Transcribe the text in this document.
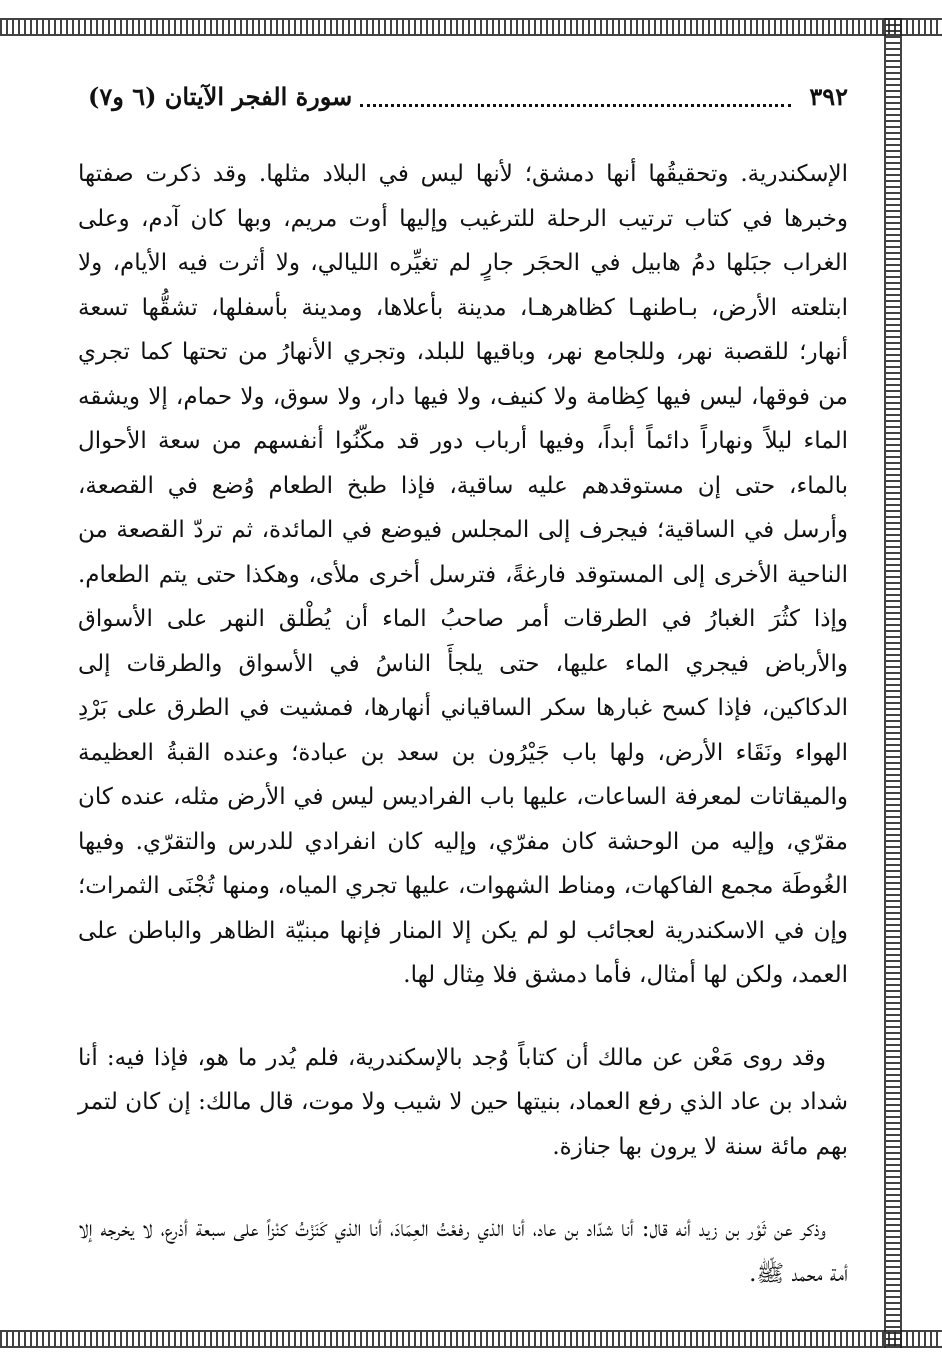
٣٩٢
سورة الفجر الآيتان (٦ و٧)

الإسكندرية. وتحقيقُها أنها دمشق؛ لأنها ليس في البلاد مثلها. وقد ذكرت صفتها وخبرها في كتاب ترتيب الرحلة للترغيب وإليها أوت مريم، وبها كان آدم، وعلى الغراب جبَلها دمُ هابيل في الحجَر جارٍ لم تغيِّره الليالي، ولا أثرت فيه الأيام، ولا ابتلعته الأرض، بـاطنهـا كظاهرهـا، مدينة بأعلاها، ومدينة بأسفلها، تشقُّها تسعة أنهار؛ للقصبة نهر، وللجامع نهر، وباقيها للبلد، وتجري الأنهارُ من تحتها كما تجري من فوقها، ليس فيها كِظامة ولا كنيف، ولا فيها دار، ولا سوق، ولا حمام، إلا ويشقه الماء ليلاً ونهاراً دائماً أبداً، وفيها أرباب دور قد مكّنُوا أنفسهم من سعة الأحوال بالماء، حتى إن مستوقدهم عليه ساقية، فإذا طبخ الطعام وُضع في القصعة، وأرسل في الساقية؛ فيجرف إلى المجلس فيوضع في المائدة، ثم تردّ القصعة من الناحية الأخرى إلى المستوقد فارغةً، فترسل أخرى ملأى، وهكذا حتى يتم الطعام. وإذا كثُرَ الغبارُ في الطرقات أمر صاحبُ الماء أن يُطْلق النهر على الأسواق والأرباض فيجري الماء عليها، حتى يلجأَ الناسُ في الأسواق والطرقات إلى الدكاكين، فإذا كسح غبارها سكر الساقياني أنهارها، فمشيت في الطرق على بَرْدِ الهواء ونَقَاء الأرض، ولها باب جَيْرُون بن سعد بن عبادة؛ وعنده القبةُ العظيمة والميقاتات لمعرفة الساعات، عليها باب الفراديس ليس في الأرض مثله، عنده كان مقرّي، وإليه من الوحشة كان مفرّي، وإليه كان انفرادي للدرس والتقرّي. وفيها الغُوطَة مجمع الفاكهات، ومناط الشهوات، عليها تجري المياه، ومنها تُجْنَى الثمرات؛ وإن في الاسكندرية لعجائب لو لم يكن إلا المنار فإنها مبنيّة الظاهر والباطن على العمد، ولكن لها أمثال، فأما دمشق فلا مِثال لها.

وقد روى مَعْن عن مالك أن كتاباً وُجد بالإسكندرية، فلم يُدر ما هو، فإذا فيه: أنا شداد بن عاد الذي رفع العماد، بنيتها حين لا شيب ولا موت، قال مالك: إن كان لتمر بهم مائة سنة لا يرون بها جنازة.

وذكر عن ثَوْر بن زيد أنه قال: أنا شدّاد بن عاد، أنا الذي رفعْتُ العِمَادَ، أنا الذي كَنَزْتُ كنْزاً على سبعة أذرع، لا يخرجه إلا أمة محمد ﷺ.
